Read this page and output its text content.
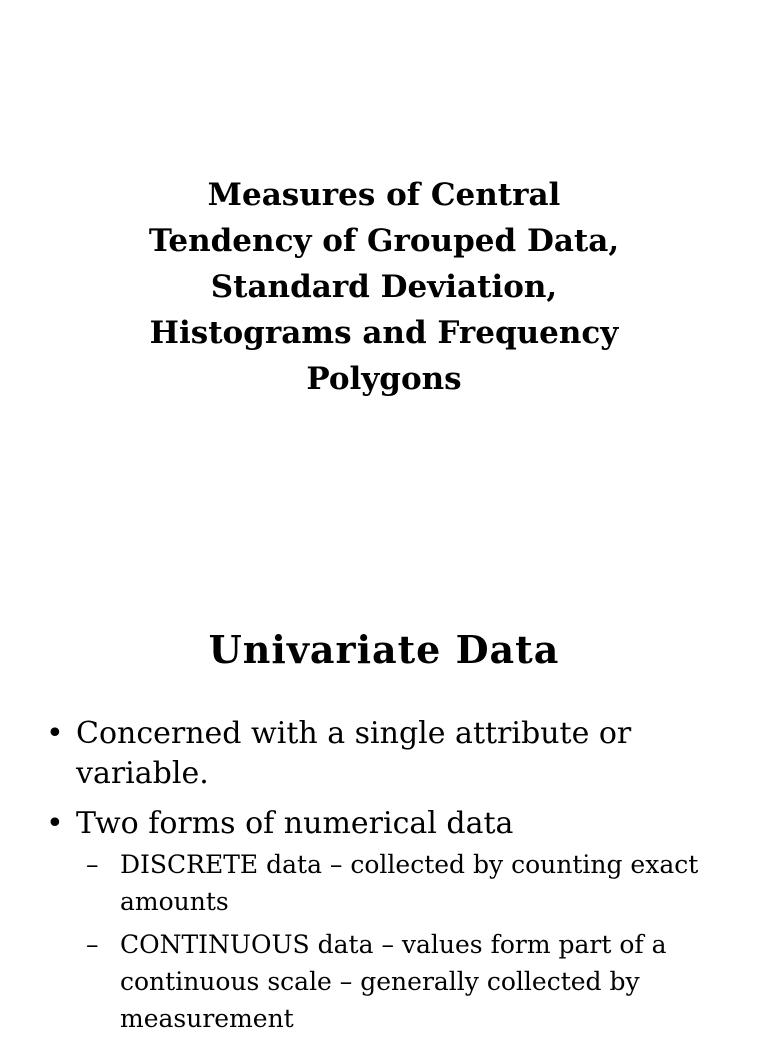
Measures of Central
Tendency of Grouped Data,
Standard Deviation,
Histograms and Frequency
Polygons
Univariate Data
• Concerned with a single attribute or variable.
• Two forms of numerical data
– DISCRETE data – collected by counting exact amounts
– CONTINUOUS data – values form part of a continuous scale – generally collected by measurement
